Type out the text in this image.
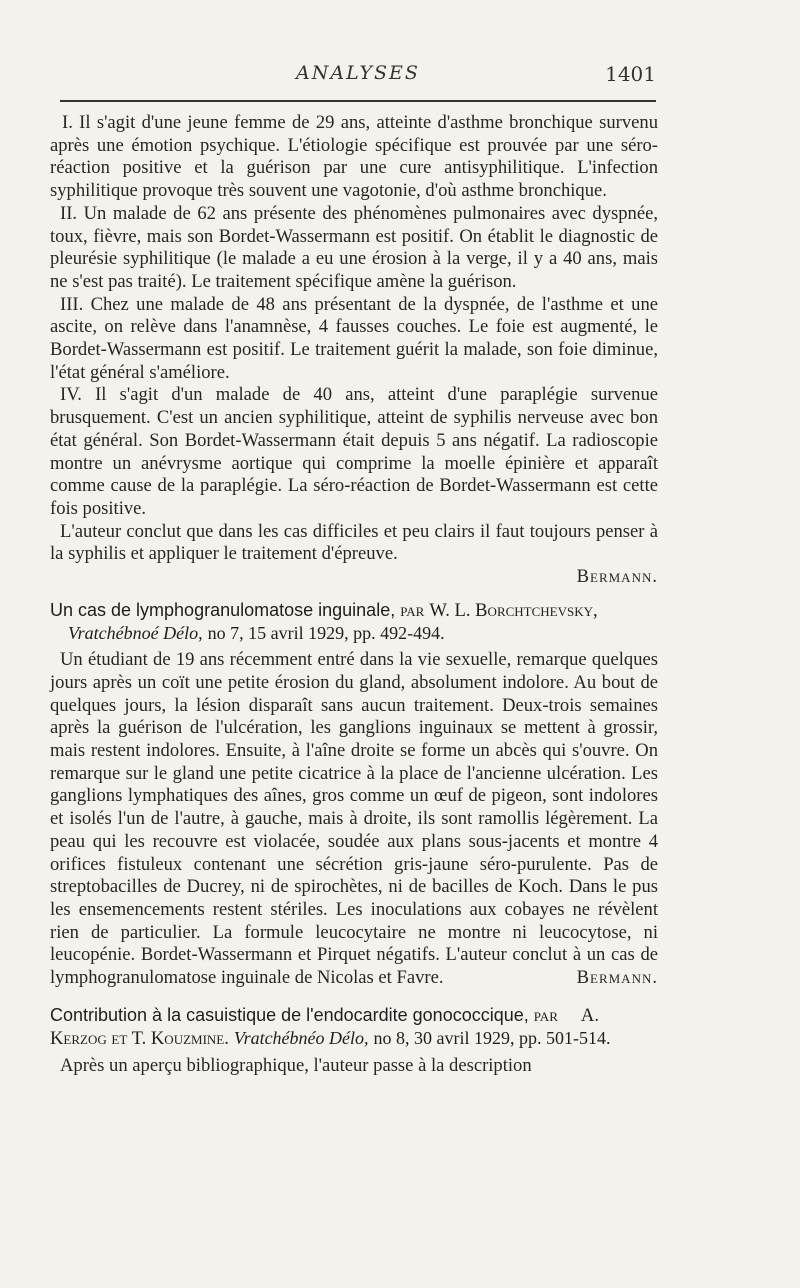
ANALYSES	1401

I. Il s'agit d'une jeune femme de 29 ans, atteinte d'asthme bronchique survenu après une émotion psychique. L'étiologie spécifique est prouvée par une séro-réaction positive et la guérison par une cure antisyphilitique. L'infection syphilitique provoque très souvent une vagotonie, d'où asthme bronchique.

II. Un malade de 62 ans présente des phénomènes pulmonaires avec dyspnée, toux, fièvre, mais son Bordet-Wassermann est positif. On établit le diagnostic de pleurésie syphilitique (le malade a eu une érosion à la verge, il y a 40 ans, mais ne s'est pas traité). Le traitement spécifique amène la guérison.

III. Chez une malade de 48 ans présentant de la dyspnée, de l'asthme et une ascite, on relève dans l'anamnèse, 4 fausses couches. Le foie est augmenté, le Bordet-Wassermann est positif. Le traitement guérit la malade, son foie diminue, l'état général s'améliore.

IV. Il s'agit d'un malade de 40 ans, atteint d'une paraplégie survenue brusquement. C'est un ancien syphilitique, atteint de syphilis nerveuse avec bon état général. Son Bordet-Wassermann était depuis 5 ans négatif. La radioscopie montre un anévrysme aortique qui comprime la moelle épinière et apparaît comme cause de la paraplégie. La séro-réaction de Bordet-Wassermann est cette fois positive.

L'auteur conclut que dans les cas difficiles et peu clairs il faut toujours penser à la syphilis et appliquer le traitement d'épreuve.

Bermann.
Un cas de lymphogranulomatose inguinale, par W. L. Borchtchevsky, Vratchébnoé Délo, no 7, 15 avril 1929, pp. 492-494.

Un étudiant de 19 ans récemment entré dans la vie sexuelle, remarque quelques jours après un coït une petite érosion du gland, absolument indolore. Au bout de quelques jours, la lésion disparaît sans aucun traitement. Deux-trois semaines après la guérison de l'ulcération, les ganglions inguinaux se mettent à grossir, mais restent indolores. Ensuite, à l'aîne droite se forme un abcès qui s'ouvre. On remarque sur le gland une petite cicatrice à la place de l'ancienne ulcération. Les ganglions lymphatiques des aînes, gros comme un œuf de pigeon, sont indolores et isolés l'un de l'autre, à gauche, mais à droite, ils sont ramollis légèrement. La peau qui les recouvre est violacée, soudée aux plans sous-jacents et montre 4 orifices fistuleux contenant une sécrétion gris-jaune séro-purulente. Pas de streptobacilles de Ducrey, ni de spirochètes, ni de bacilles de Koch. Dans le pus les ensemencements restent stériles. Les inoculations aux cobayes ne révèlent rien de particulier. La formule leucocytaire ne montre ni leucocytose, ni leucopénie. Bordet-Wassermann et Pirquet négatifs. L'auteur conclut à un cas de lymphogranulomatose inguinale de Nicolas et Favre.	Bermann.

Contribution à la casuistique de l'endocardite gonococcique, par A. Kerzog et T. Kouzmine. Vratchébnéo Délo, no 8, 30 avril 1929, pp. 501-514.

Après un aperçu bibliographique, l'auteur passe à la description
